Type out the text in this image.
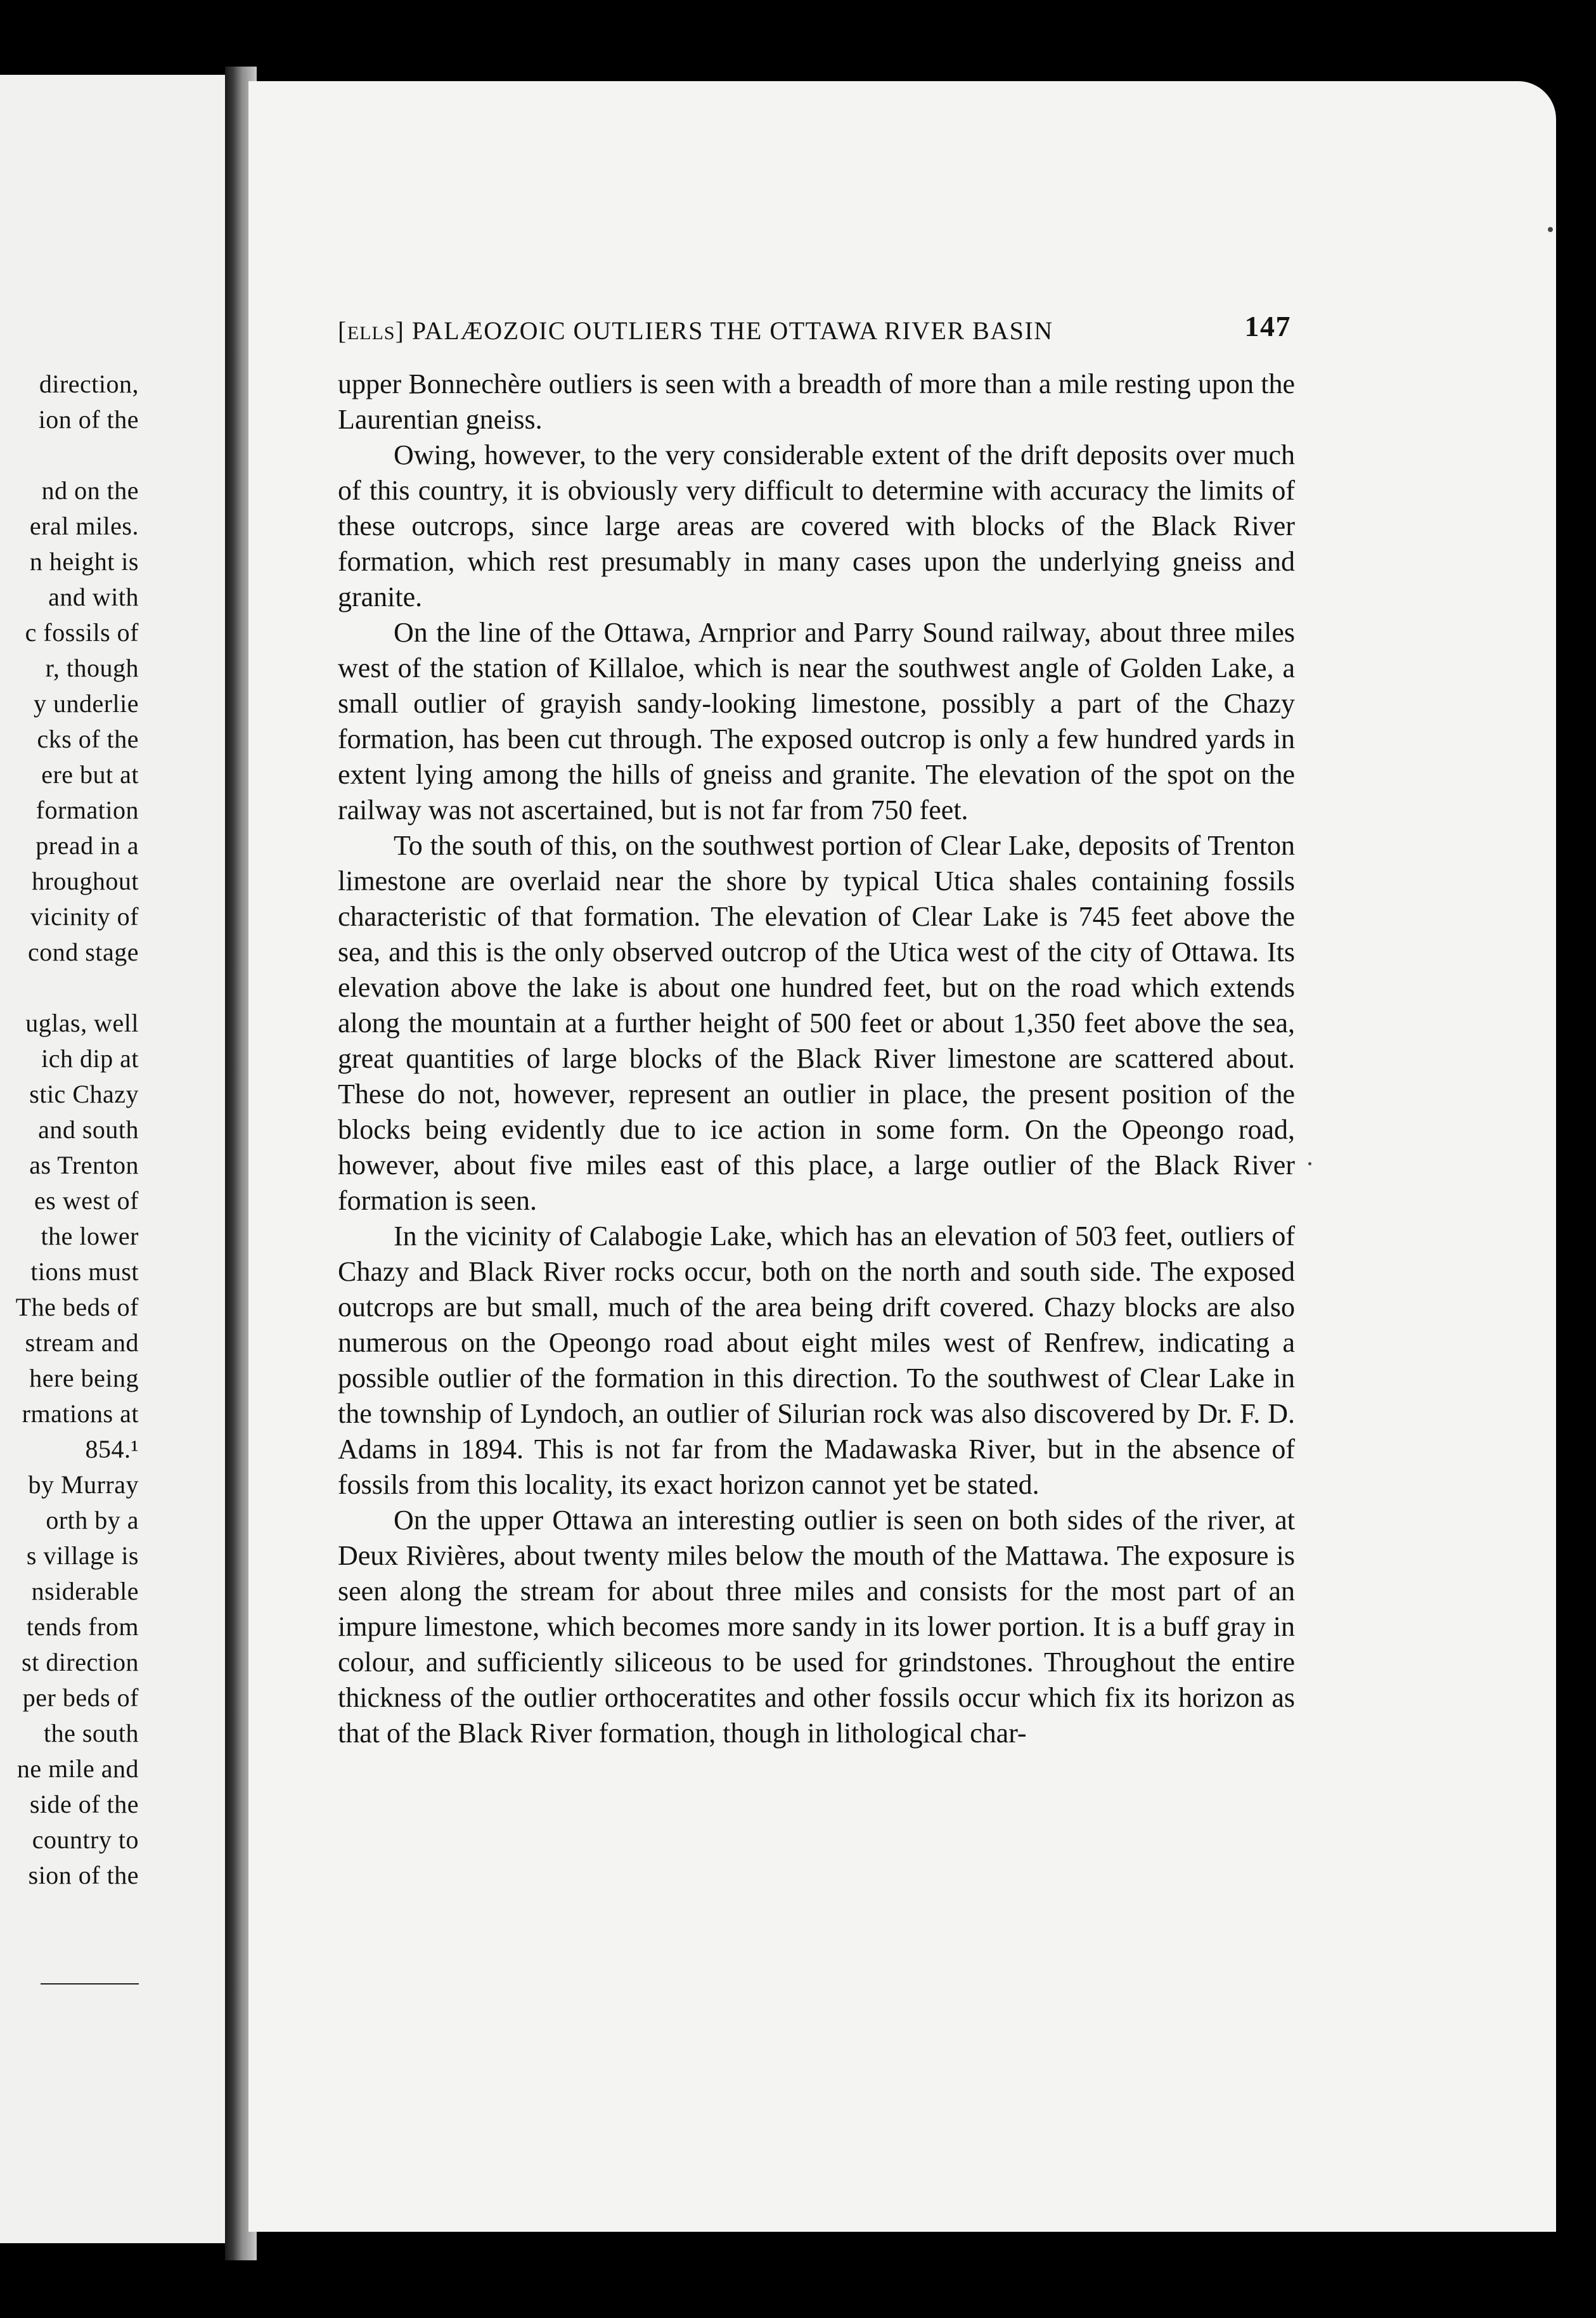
direction,
ion of the
nd on the
eral miles.
n height is
and with
c fossils of
r, though
y underlie
cks of the
ere but at
formation
pread in a
hroughout
vicinity of
cond stage
uglas, well
ich dip at
stic Chazy
and south
as Trenton
es west of
the lower
tions must
The beds of
stream and
here being
rmations at
854.¹
by Murray
orth by a
s village is
nsiderable
tends from
st direction
per beds of
the south
ne mile and
side of the
country to
sion of the
[ELLS] PALÆOZOIC OUTLIERS THE OTTAWA RIVER BASIN	147

upper Bonnechère outliers is seen with a breadth of more than a mile resting upon the Laurentian gneiss.

Owing, however, to the very considerable extent of the drift deposits over much of this country, it is obviously very difficult to determine with accuracy the limits of these outcrops, since large areas are covered with blocks of the Black River formation, which rest presumably in many cases upon the underlying gneiss and granite.

On the line of the Ottawa, Arnprior and Parry Sound railway, about three miles west of the station of Killaloe, which is near the southwest angle of Golden Lake, a small outlier of grayish sandy-looking limestone, possibly a part of the Chazy formation, has been cut through. The exposed outcrop is only a few hundred yards in extent lying among the hills of gneiss and granite. The elevation of the spot on the railway was not ascertained, but is not far from 750 feet.

To the south of this, on the southwest portion of Clear Lake, deposits of Trenton limestone are overlaid near the shore by typical Utica shales containing fossils characteristic of that formation. The elevation of Clear Lake is 745 feet above the sea, and this is the only observed outcrop of the Utica west of the city of Ottawa. Its elevation above the lake is about one hundred feet, but on the road which extends along the mountain at a further height of 500 feet or about 1,350 feet above the sea, great quantities of large blocks of the Black River limestone are scattered about. These do not, however, represent an outlier in place, the present position of the blocks being evidently due to ice action in some form. On the Opeongo road, however, about five miles east of this place, a large outlier of the Black River formation is seen.

In the vicinity of Calabogie Lake, which has an elevation of 503 feet, outliers of Chazy and Black River rocks occur, both on the north and south side. The exposed outcrops are but small, much of the area being drift covered. Chazy blocks are also numerous on the Opeongo road about eight miles west of Renfrew, indicating a possible outlier of the formation in this direction. To the southwest of Clear Lake in the township of Lyndoch, an outlier of Silurian rock was also discovered by Dr. F. D. Adams in 1894. This is not far from the Madawaska River, but in the absence of fossils from this locality, its exact horizon cannot yet be stated.

On the upper Ottawa an interesting outlier is seen on both sides of the river, at Deux Rivières, about twenty miles below the mouth of the Mattawa. The exposure is seen along the stream for about three miles and consists for the most part of an impure limestone, which becomes more sandy in its lower portion. It is a buff gray in colour, and sufficiently siliceous to be used for grindstones. Throughout the entire thickness of the outlier orthoceratites and other fossils occur which fix its horizon as that of the Black River formation, though in lithological char-
